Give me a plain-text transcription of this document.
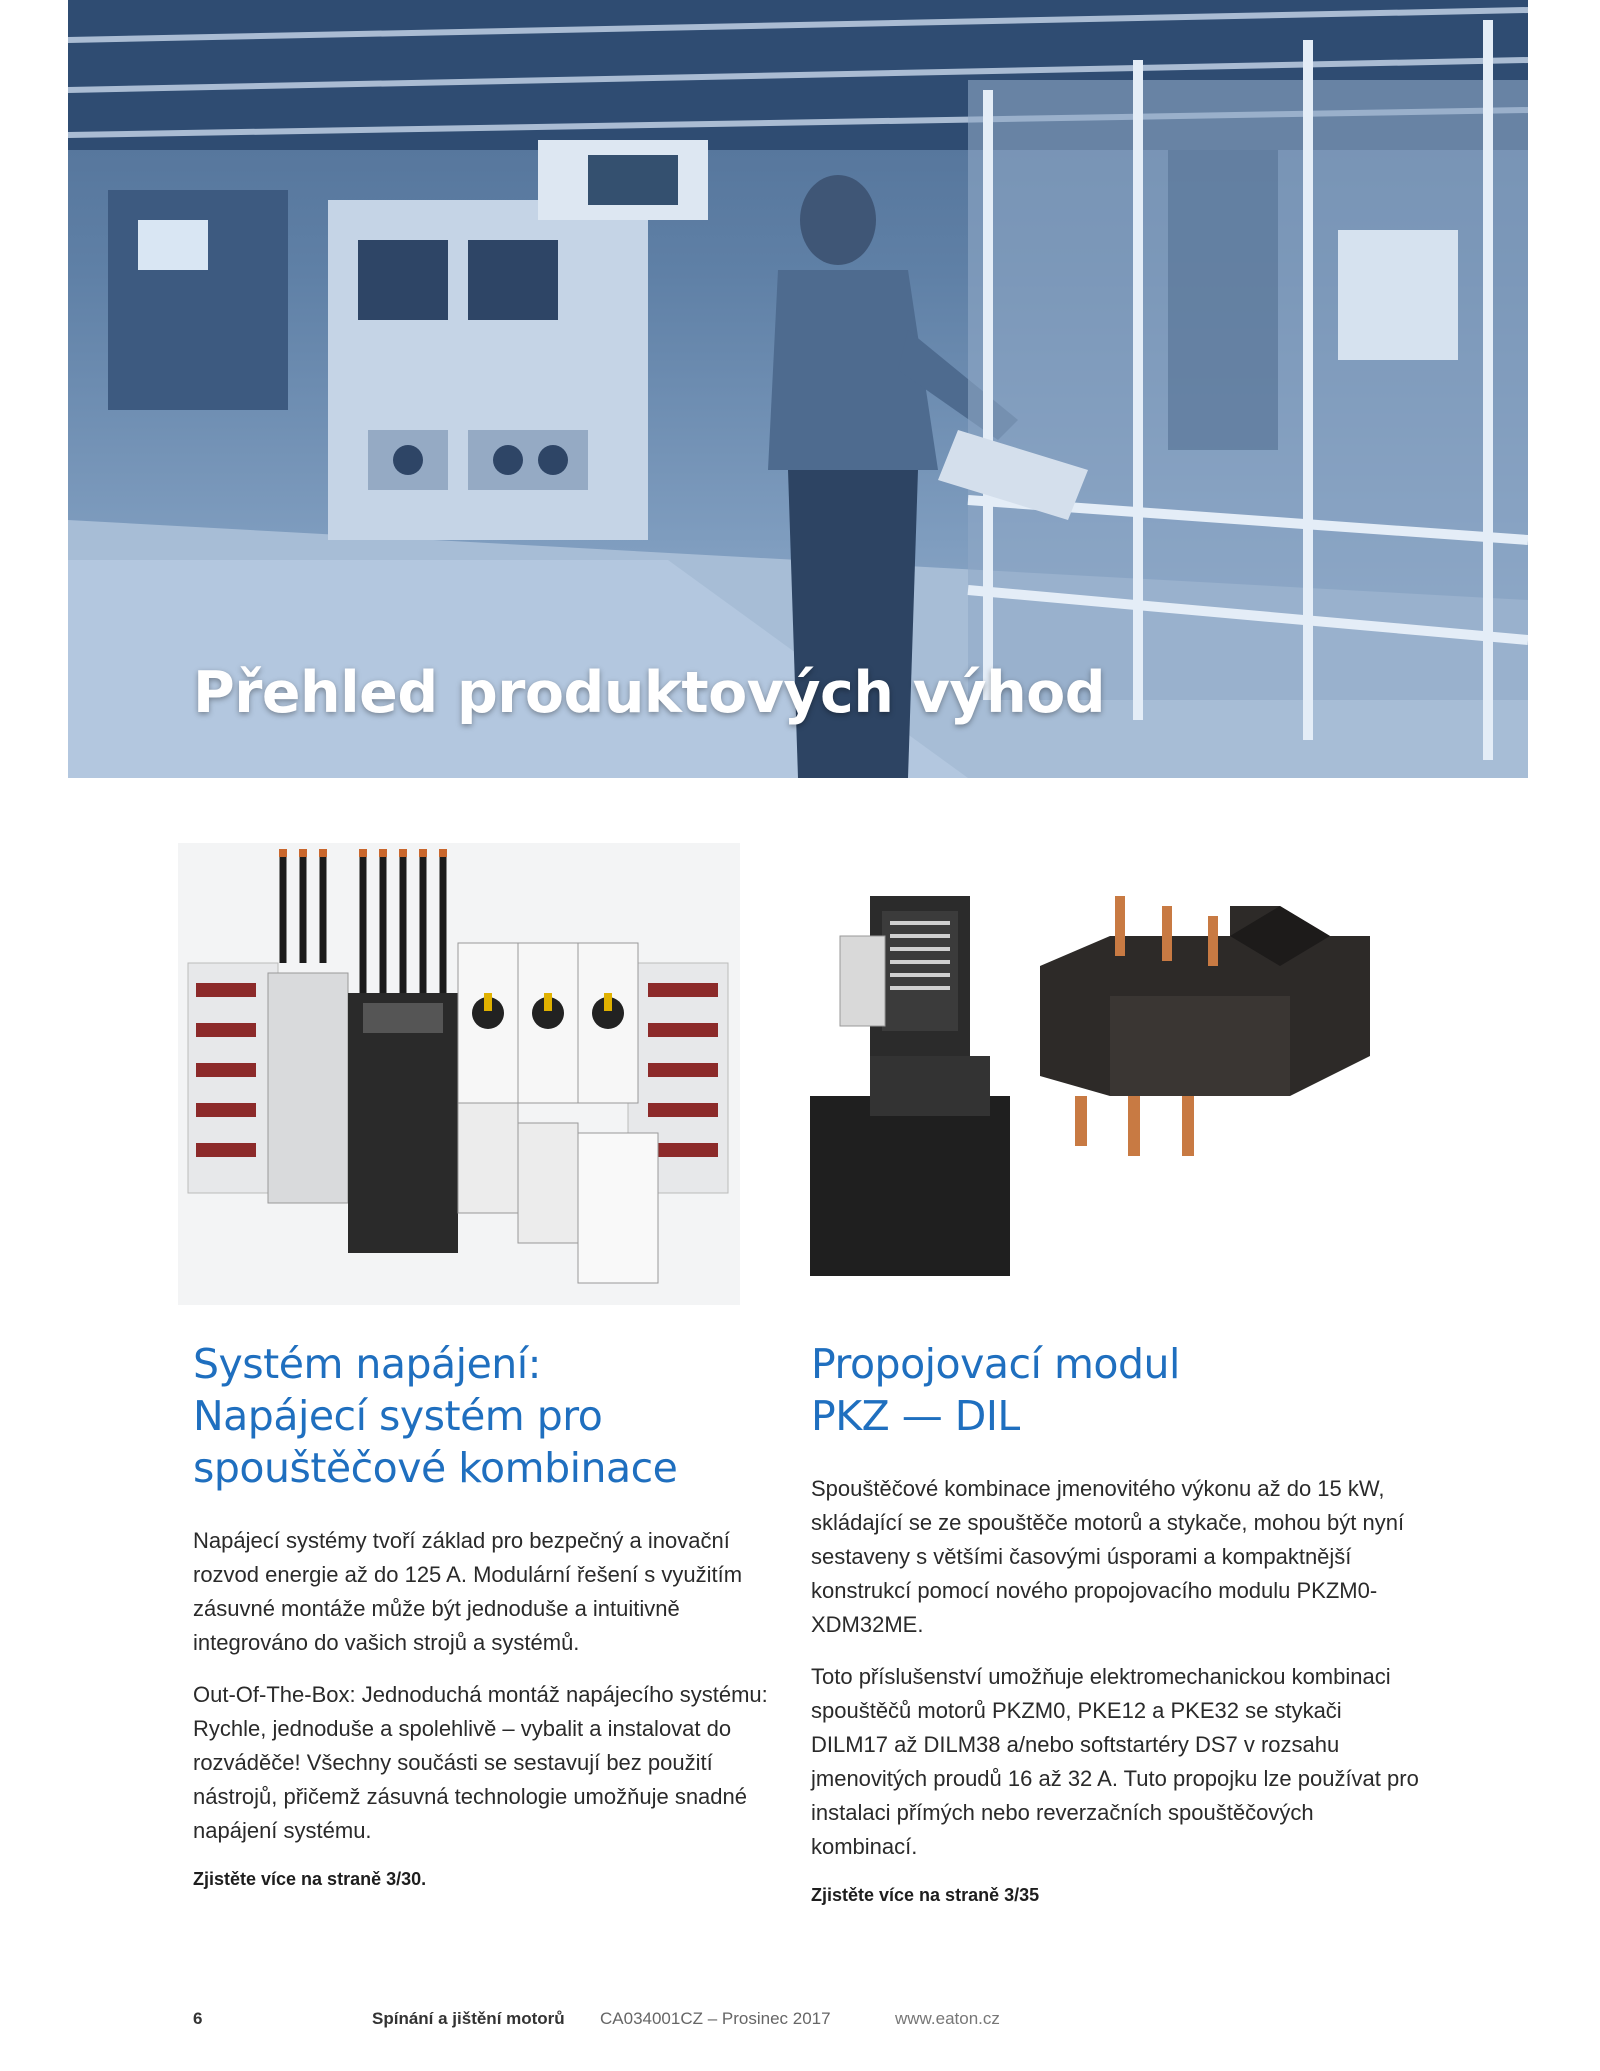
Přehled produktových výhod
Systém napájení:
Napájecí systém pro
spouštěčové kombinace

Napájecí systémy tvoří základ pro bezpečný a inovační rozvod energie až do 125 A. Modulární řešení s využitím zásuvné montáže může být jednoduše a intuitivně integrováno do vašich strojů a systémů.

Out-Of-The-Box: Jednoduchá montáž napájecího systému: Rychle, jednoduše a spolehlivě – vybalit a instalovat do rozváděče! Všechny součásti se sestavují bez použití nástrojů, přičemž zásuvná technologie umožňuje snadné napájení systému.

Zjistěte více na straně 3/30.

Propojovací modul
PKZ — DIL

Spouštěčové kombinace jmenovitého výkonu až do 15 kW, skládající se ze spouštěče motorů a stykače, mohou být nyní sestaveny s většími časovými úsporami a kompaktnější konstrukcí pomocí nového propojovacího modulu PKZM0-XDM32ME.

Toto příslušenství umožňuje elektromechanickou kombinaci spouštěčů motorů PKZM0, PKE12 a PKE32 se stykači DILM17 až DILM38 a/nebo softstartéry DS7 v rozsahu jmenovitých proudů 16 až 32 A. Tuto propojku lze používat pro instalaci přímých nebo reverzačních spouštěčových kombinací.

Zjistěte více na straně 3/35

6	Spínání a jištění motorů CA034001CZ – Prosinec 2017	www.eaton.cz
